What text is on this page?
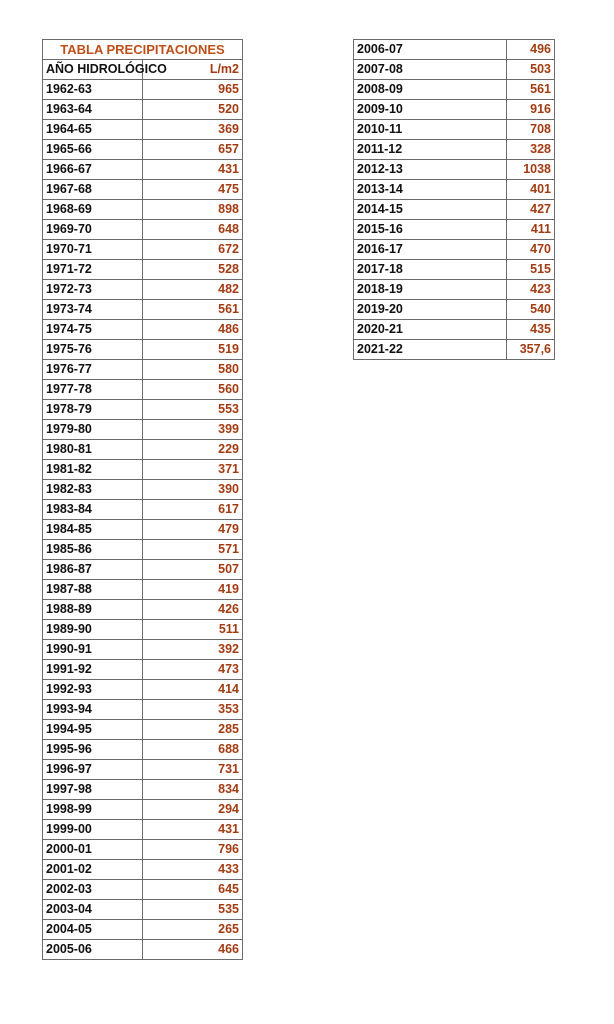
TABLA PRECIPITACIONES	
AÑO HIDROLÓGICO	L/m2
1962-63	965
1963-64	520
1964-65	369
1965-66	657
1966-67	431
1967-68	475
1968-69	898
1969-70	648
1970-71	672
1971-72	528
1972-73	482
1973-74	561
1974-75	486
1975-76	519
1976-77	580
1977-78	560
1978-79	553
1979-80	399
1980-81	229
1981-82	371
1982-83	390
1983-84	617
1984-85	479
1985-86	571
1986-87	507
1987-88	419
1988-89	426
1989-90	511
1990-91	392
1991-92	473
1992-93	414
1993-94	353
1994-95	285
1995-96	688
1996-97	731
1997-98	834
1998-99	294
1999-00	431
2000-01	796
2001-02	433
2002-03	645
2003-04	535
2004-05	265
2005-06	466
2006-07	496
2007-08	503
2008-09	561
2009-10	916
2010-11	708
2011-12	328
2012-13	1038
2013-14	401
2014-15	427
2015-16	411
2016-17	470
2017-18	515
2018-19	423
2019-20	540
2020-21	435
2021-22	357,6
